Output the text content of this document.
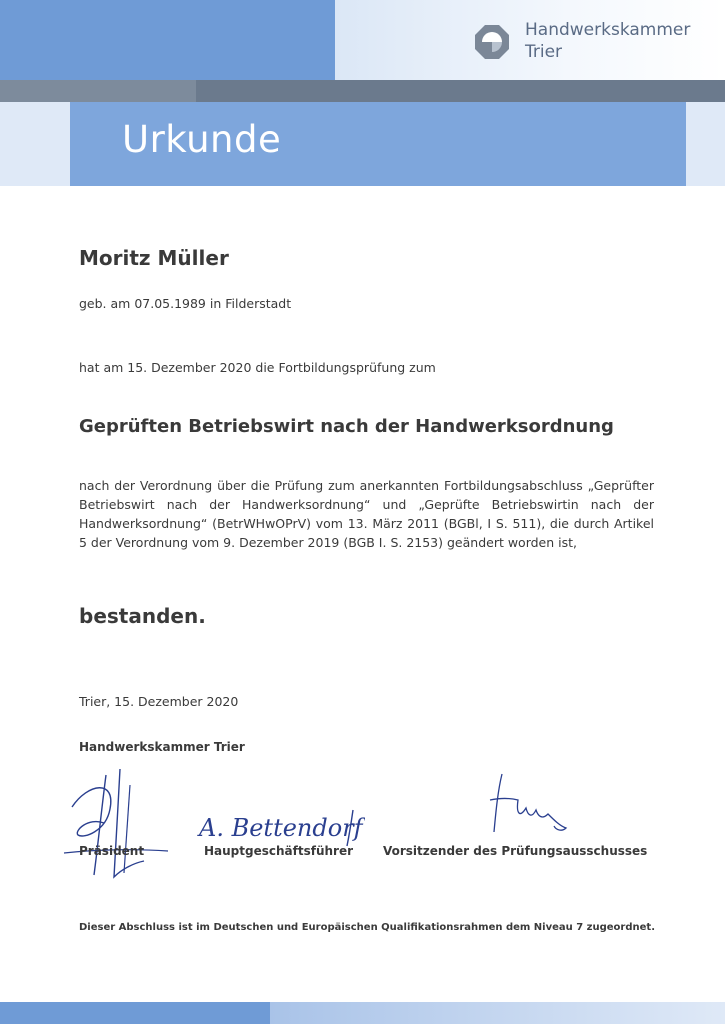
Handwerkskammer
Trier
Urkunde
Moritz Müller
geb. am 07.05.1989 in Filderstadt
hat am 15. Dezember 2020 die Fortbildungsprüfung zum
Geprüften Betriebswirt nach der Handwerksordnung
nach der Verordnung über die Prüfung zum anerkannten Fortbildungsabschluss „Geprüfter Betriebswirt nach der Handwerksordnung“ und „Geprüfte Betriebswirtin nach der Handwerksordnung“ (BetrWHwOPrV) vom 13. März 2011 (BGBl, I S. 511), die durch Artikel 5 der Verordnung vom 9. Dezember 2019 (BGB I. S. 2153) geändert worden ist,
bestanden.
Trier, 15. Dezember 2020
Handwerkskammer Trier
A. Bettendorf
Präsident	Hauptgeschäftsführer Vorsitzender des Prüfungsausschusses
Dieser Abschluss ist im Deutschen und Europäischen Qualifikationsrahmen dem Niveau 7 zugeordnet.
